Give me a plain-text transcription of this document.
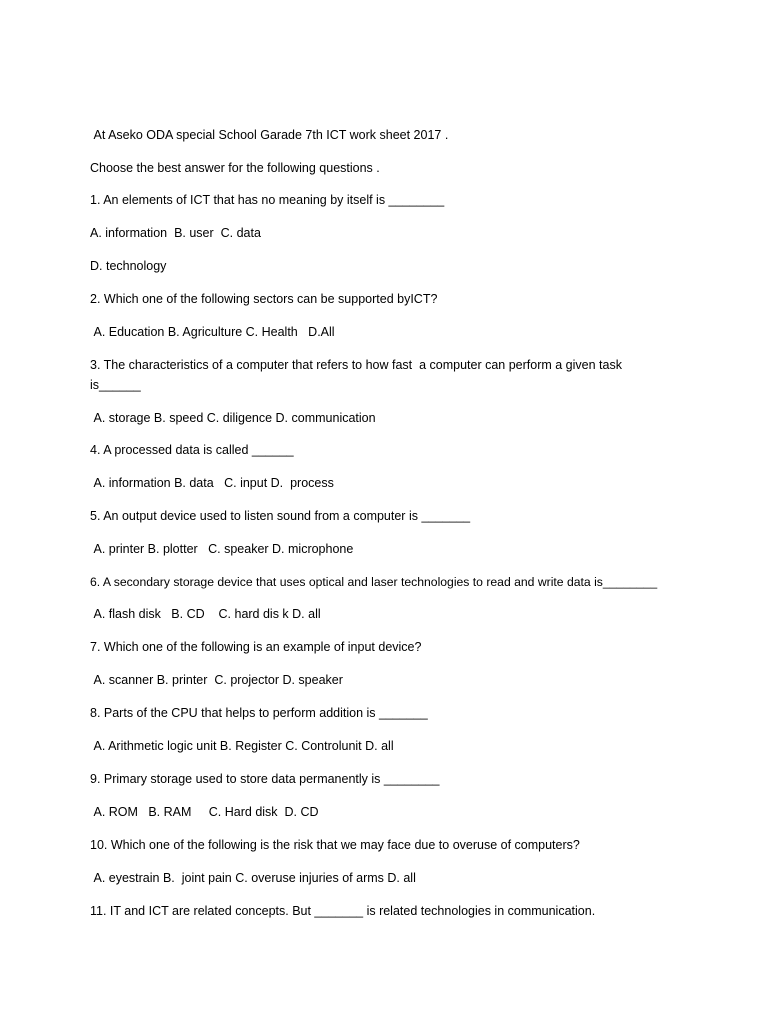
At Aseko ODA special School Garade 7th ICT work sheet 2017 .
Choose the best answer for the following questions .
1. An elements of ICT that has no meaning by itself is ________
A. information  B. user  C. data
D. technology
2. Which one of the following sectors can be supported byICT?
A. Education B. Agriculture C. Health   D.All
3. The characteristics of a computer that refers to how fast  a computer can perform a given task is______
A. storage B. speed C. diligence D. communication
4. A processed data is called ______
A. information B. data   C. input D.  process
5. An output device used to listen sound from a computer is _______
A. printer B. plotter   C. speaker D. microphone
6. A secondary storage device that uses optical and laser technologies to read and write data is________
A. flash disk   B. CD    C. hard dis k D. all
7. Which one of the following is an example of input device?
A. scanner B. printer  C. projector D. speaker
8. Parts of the CPU that helps to perform addition is _______
A. Arithmetic logic unit B. Register C. Controlunit D. all
9. Primary storage used to store data permanently is ________
A. ROM   B. RAM     C. Hard disk  D. CD
10. Which one of the following is the risk that we may face due to overuse of computers?
A. eyestrain B.  joint pain C. overuse injuries of arms D. all
11. IT and ICT are related concepts. But _______ is related technologies in communication.
